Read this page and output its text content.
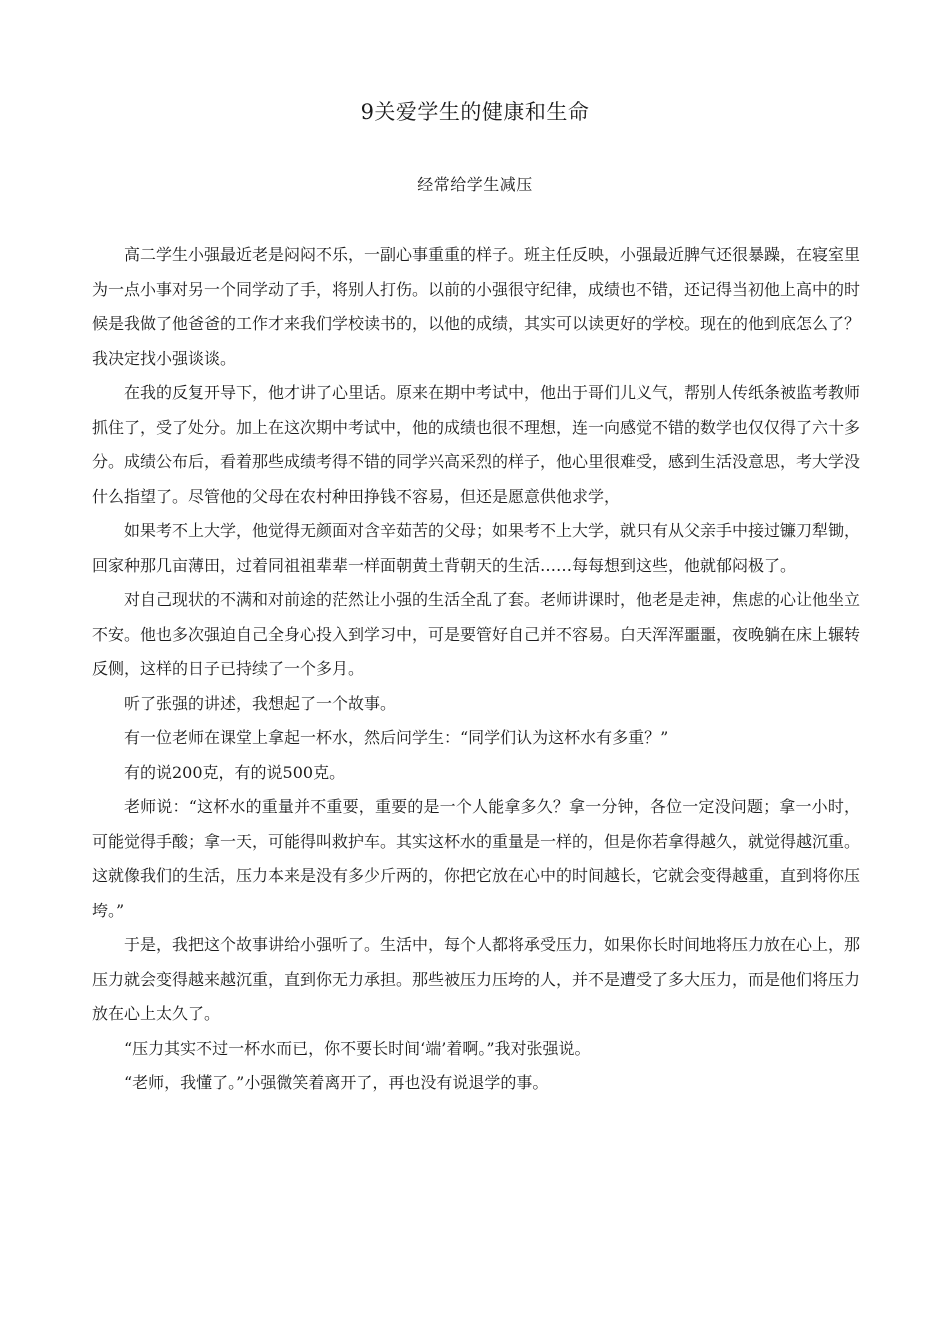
9关爱学生的健康和生命
经常给学生减压

高二学生小强最近老是闷闷不乐，一副心事重重的样子。班主任反映，小强最近脾气还很暴躁，在寝室里为一点小事对另一个同学动了手，将别人打伤。以前的小强很守纪律，成绩也不错，还记得当初他上高中的时候是我做了他爸爸的工作才来我们学校读书的，以他的成绩，其实可以读更好的学校。现在的他到底怎么了？我决定找小强谈谈。

在我的反复开导下，他才讲了心里话。原来在期中考试中，他出于哥们儿义气，帮别人传纸条被监考教师抓住了，受了处分。加上在这次期中考试中，他的成绩也很不理想，连一向感觉不错的数学也仅仅得了六十多分。成绩公布后，看着那些成绩考得不错的同学兴高采烈的样子，他心里很难受，感到生活没意思，考大学没什么指望了。尽管他的父母在农村种田挣钱不容易，但还是愿意供他求学，

如果考不上大学，他觉得无颜面对含辛茹苦的父母；如果考不上大学，就只有从父亲手中接过镰刀犁锄，回家种那几亩薄田，过着同祖祖辈辈一样面朝黄土背朝天的生活……每每想到这些，他就郁闷极了。

对自己现状的不满和对前途的茫然让小强的生活全乱了套。老师讲课时，他老是走神，焦虑的心让他坐立不安。他也多次强迫自己全身心投入到学习中，可是要管好自己并不容易。白天浑浑噩噩，夜晚躺在床上辗转反侧，这样的日子已持续了一个多月。

听了张强的讲述，我想起了一个故事。

有一位老师在课堂上拿起一杯水，然后问学生：“同学们认为这杯水有多重？”

有的说200克，有的说500克。

老师说：“这杯水的重量并不重要，重要的是一个人能拿多久？拿一分钟，各位一定没问题；拿一小时，可能觉得手酸；拿一天，可能得叫救护车。其实这杯水的重量是一样的，但是你若拿得越久，就觉得越沉重。这就像我们的生活，压力本来是没有多少斤两的，你把它放在心中的时间越长，它就会变得越重，直到将你压垮。”

于是，我把这个故事讲给小强听了。生活中，每个人都将承受压力，如果你长时间地将压力放在心上，那压力就会变得越来越沉重，直到你无力承担。那些被压力压垮的人，并不是遭受了多大压力，而是他们将压力放在心上太久了。

“压力其实不过一杯水而已，你不要长时间‘端’着啊。”我对张强说。

“老师，我懂了。”小强微笑着离开了，再也没有说退学的事。
